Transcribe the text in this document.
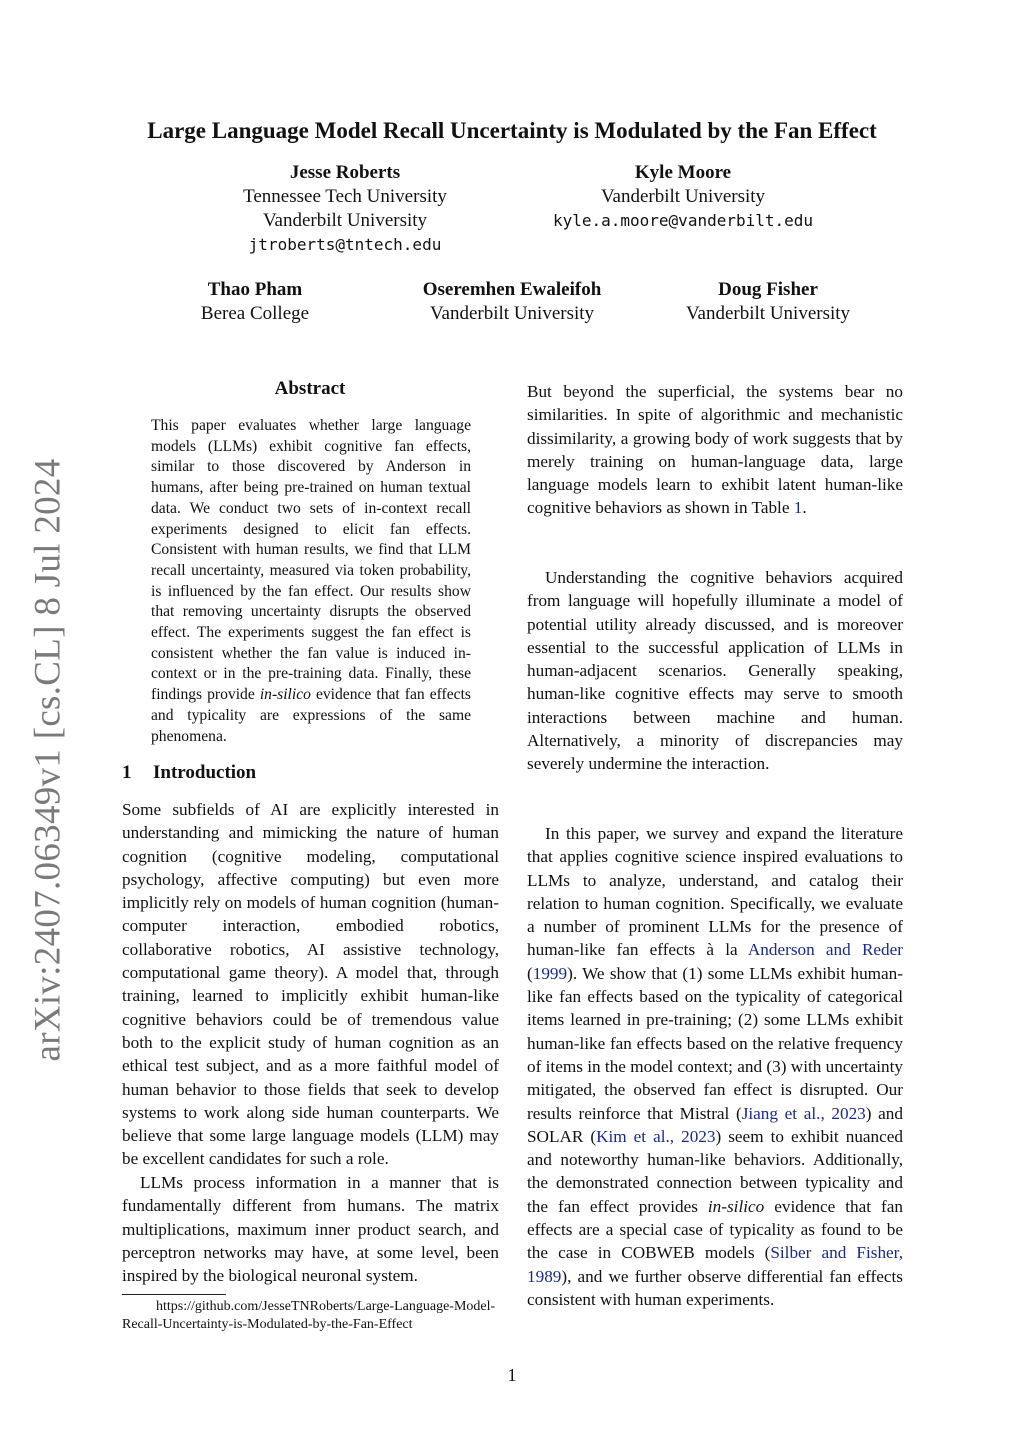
arXiv:2407.06349v1 [cs.CL] 8 Jul 2024
Large Language Model Recall Uncertainty is Modulated by the Fan Effect
Jesse Roberts
Tennessee Tech University
Vanderbilt University
jtroberts@tntech.edu
Kyle Moore
Vanderbilt University
kyle.a.moore@vanderbilt.edu
Thao Pham
Berea College
Oseremhen Ewaleifoh
Vanderbilt University
Doug Fisher
Vanderbilt University
Abstract
This paper evaluates whether large language models (LLMs) exhibit cognitive fan effects, similar to those discovered by Anderson in humans, after being pre-trained on human textual data. We conduct two sets of in-context recall experiments designed to elicit fan effects. Consistent with human results, we find that LLM recall uncertainty, measured via token probability, is influenced by the fan effect. Our results show that removing uncertainty disrupts the observed effect. The experiments suggest the fan effect is consistent whether the fan value is induced in-context or in the pre-training data. Finally, these findings provide in-silico evidence that fan effects and typicality are expressions of the same phenomena.
1 Introduction
Some subfields of AI are explicitly interested in understanding and mimicking the nature of human cognition (cognitive modeling, computational psychology, affective computing) but even more implicitly rely on models of human cognition (human-computer interaction, embodied robotics, collaborative robotics, AI assistive technology, computational game theory). A model that, through training, learned to implicitly exhibit human-like cognitive behaviors could be of tremendous value both to the explicit study of human cognition as an ethical test subject, and as a more faithful model of human behavior to those fields that seek to develop systems to work along side human counterparts. We believe that some large language models (LLM) may be excellent candidates for such a role.
LLMs process information in a manner that is fundamentally different from humans. The matrix multiplications, maximum inner product search, and perceptron networks may have, at some level, been inspired by the biological neuronal system.
https://github.com/JesseTNRoberts/Large-Language-Model-Recall-Uncertainty-is-Modulated-by-the-Fan-Effect
But beyond the superficial, the systems bear no similarities. In spite of algorithmic and mechanistic dissimilarity, a growing body of work suggests that by merely training on human-language data, large language models learn to exhibit latent human-like cognitive behaviors as shown in Table 1.
Understanding the cognitive behaviors acquired from language will hopefully illuminate a model of potential utility already discussed, and is moreover essential to the successful application of LLMs in human-adjacent scenarios. Generally speaking, human-like cognitive effects may serve to smooth interactions between machine and human. Alternatively, a minority of discrepancies may severely undermine the interaction.
In this paper, we survey and expand the literature that applies cognitive science inspired evaluations to LLMs to analyze, understand, and catalog their relation to human cognition. Specifically, we evaluate a number of prominent LLMs for the presence of human-like fan effects à la Anderson and Reder (1999). We show that (1) some LLMs exhibit human-like fan effects based on the typicality of categorical items learned in pre-training; (2) some LLMs exhibit human-like fan effects based on the relative frequency of items in the model context; and (3) with uncertainty mitigated, the observed fan effect is disrupted. Our results reinforce that Mistral (Jiang et al., 2023) and SOLAR (Kim et al., 2023) seem to exhibit nuanced and noteworthy human-like behaviors. Additionally, the demonstrated connection between typicality and the fan effect provides in-silico evidence that fan effects are a special case of typicality as found to be the case in COBWEB models (Silber and Fisher, 1989), and we further observe differential fan effects consistent with human experiments.
1
